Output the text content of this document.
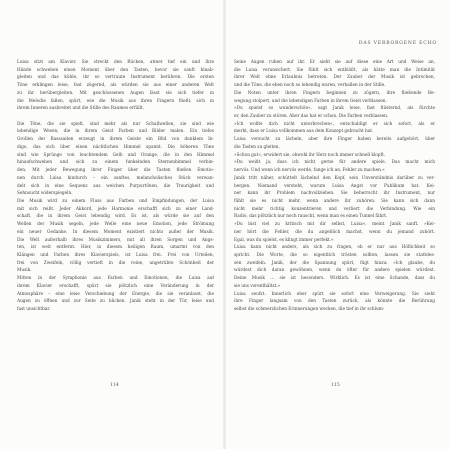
Luisa sitzt am Klavier. Sie streckt den Rücken, atmet tief ein und ihre
Hände schweben einen Moment über den Tasten, bevor sie sanft hinab-
gleiten und das kühle, ihr so vertraute Instrument berühren. Die ersten
Töne erklingen leise, fast zögernd, als würden sie aus einer anderen Welt
zu ihr herübergleiten. Mit geschlossenen Augen lässt sie sich tiefer in
die Melodie fallen, spürt, wie die Musik aus ihren Fingern fließt, sich in
ihrem Inneren ausbreitet und die Stille des Raumes erfüllt.
Die Töne, die sie spielt, sind mehr als nur Schallwellen, sie sind wie
lebendige Wesen, die in ihrem Geist Farben und Bilder malen. Ein tiefes
Grollen der Basssaiten erzeugt in ihrem Geiste ein Bild von dunklem In-
digo, das sich über einen nächtlichen Himmel spannt. Die höheren Töne
sind wie Sprünge von leuchtendem Gelb und Orange, die in den Himmel
hinaufschweben und sich zu einem funkelnden Sternenhimmel verbin-
den. Mit jeder Bewegung ihrer Finger über die Tasten fließen Emotio-
nen durch Luisa hindurch – ein sanftes, melancholisches Stück verwan-
delt sich in eine Sequenz aus weichen Purpurtönen, die Traurigkeit und
Sehnsucht widerspiegeln.
Die Musik wird zu einem Fluss aus Farben und Empfindungen, der Luisa
mit sich reißt. Jeder Akkord, jede Harmonie erschafft sich zu einer Land-
schaft, die in ihrem Geist lebendig wird. Es ist, als würde sie auf den
Wellen der Musik segeln, jede Welle eine neue Emotion, jede Strömung
ein neuer Gedanke. In diesem Moment existiert nichts außer der Musik.
Die Welt außerhalb ihres Musikzimmers, mit all ihren Sorgen und Ängs-
ten, ist weit entfernt. Hier, in diesem heiligen Raum, umarmt von den
Klängen und Farben ihres Klavierspiels, ist Luisa frei. Frei von Urteilen,
frei von Zweifeln, völlig vertieft in die reine, ungetrübte Schönheit der
Musik.
Mitten in der Symphonie aus Farben und Emotionen, die Luisa auf
ihrem Klavier erschafft, spürt sie plötzlich eine Veränderung in der
Atmosphäre – eine leise Verschiebung der Energie, die sie veranlasst, die
Augen zu öffnen und zur Seite zu blicken. Janik steht in der Tür, leise und
fast unsichtbar.
114
DAS VERBORGENE ECHO
Seine Augen ruhen auf ihr. Er sieht sie auf diese eine Art und Weise an,
die Luisa verunsichert. Sie fühlt sich entblößt, als hätte man die Intimität
ihrer Welt ohne Erlaubnis betreten. Der Zauber der Musik ist gebrochen,
und die Töne, die eben noch so lebendig waren, verhallen in der Stille.
Die Noten unter ihren Fingern beginnen zu zögern, ihre fließende Be-
wegung stolpert, und die lebendigen Farben in ihrem Geist verblassen.
»Du spielst so wunderschön«, sagt Janik leise, fast flüsternd, als fürchte
er, den Zauber zu stören. Aber das hat er schon. Die Farben verblassen.
»Ich wollte dich nicht unterbrechen«, entschuldigt er sich sofort, als er
merkt, dass er Luisa vollkommen aus dem Konzept gebracht hat.
Luisa versucht zu lächeln, aber ihre Finger haben bereits aufgehört, über
die Tasten zu gleiten.
»Schon gut«, erwidert sie, obwohl ihr Herz noch immer schnell klopft.
»Du weißt ja, dass ich nicht gerne für andere spiele. Das macht mich
nervös. Und wenn ich nervös werde, fange ich an, Fehler zu machen.«
Janik tritt näher, schüttelt lächelnd den Kopf, sein Unverständnis darüber zu ver-
bergen. Niemand versteht, warum Luisa Angst vor Publikum hat. Kei-
ner kann ihr Problem nachvollziehen. Sie beherrscht ihr Instrument, nur
fühlt sie es nicht mehr, wenn andere ihr zuhören. Sie kann sich dann
nicht mehr richtig konzentrieren und verliert die Verbindung. Wie ein
Radio, das plötzlich nur noch rauscht, wenn man es einen Tunnel fährt.
»Du bist viel zu kritisch mit dir selbst, Luisa«, meint Janik sanft. »Kei-
ner hört die Fehler, die du angeblich machst, wenn du jemand zuhört.
Egal, was du spielst, es klingt immer perfekt.«
Luisa kann nicht anders, als sich zu fragen, ob er nur aus Höflichkeit so
spricht. Die Worte, die so eigentlich trösten sollten, lassen sie stattdes-
sen zweifeln. Janik, der die Spannung spürt, fügt hinzu: »Ich glaube, du
würdest dich daran gewöhnen, wenn du öfter für andere spielen würdest.
Deine Musik … sie ist besonders. Wirklich. Es ist eine Schande, dass du
sie uns vorenthältst.«
Luisa seufzt. Innerlich eher spürt sie sofort eine Verweigerung. Sie sieht
ihre Finger langsam von den Tasten zurück, als könnte die Berührung
selbst die schmerzlichen Erinnerungen wecken, die tief in ihr schlum-
115
